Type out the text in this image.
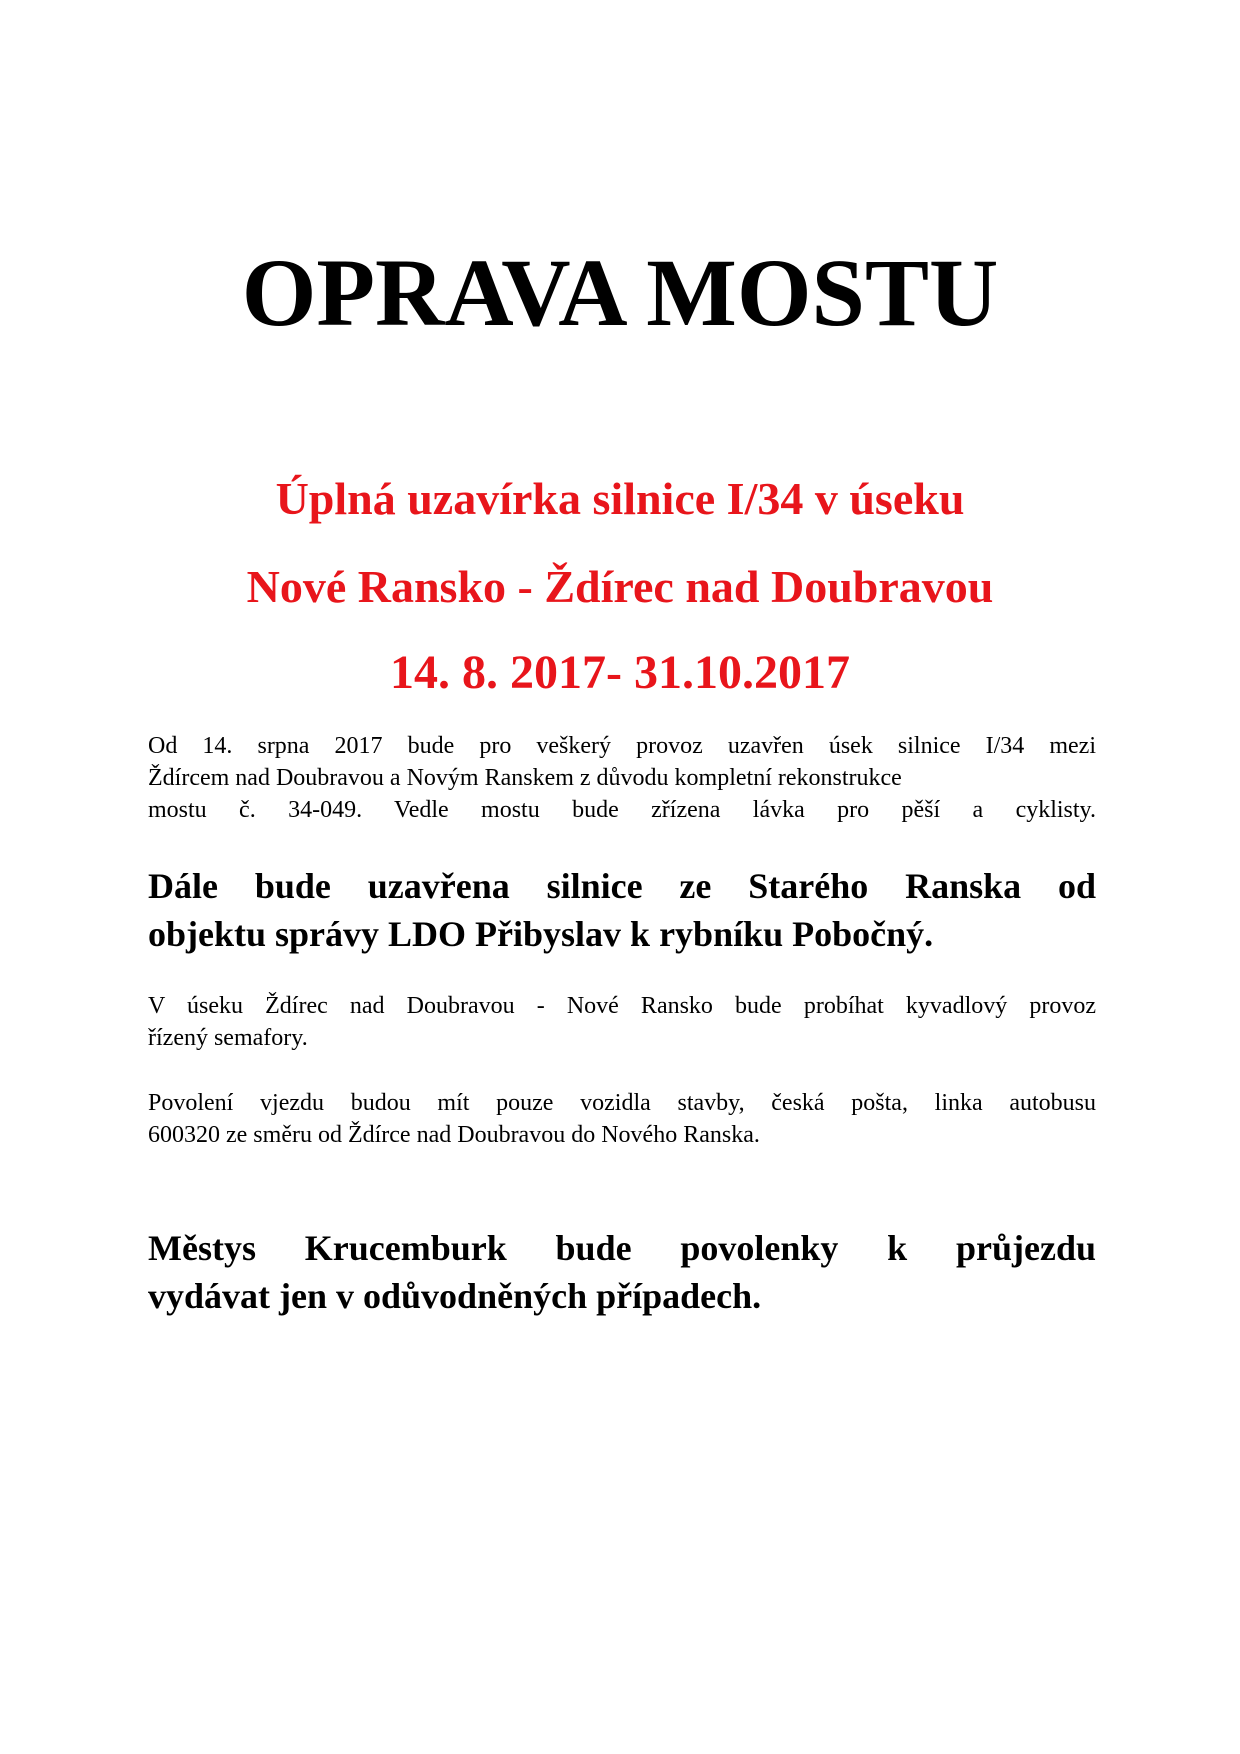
OPRAVA MOSTU

Úplná uzavírka silnice I/34 v úseku

Nové Ransko - Ždírec nad Doubravou

14. 8. 2017- 31.10.2017

Od 14. srpna 2017 bude pro veškerý provoz uzavřen úsek silnice I/34 mezi
Ždírcem nad Doubravou a Novým Ranskem z důvodu kompletní rekonstrukce
mostu č. 34-049. Vedle mostu bude zřízena lávka pro pěší a cyklisty.

Dále bude uzavřena silnice ze Starého Ranska od
objektu správy LDO Přibyslav k rybníku Pobočný.

V úseku Ždírec nad Doubravou - Nové Ransko bude probíhat kyvadlový provoz
řízený semafory.

Povolení vjezdu budou mít pouze vozidla stavby, česká pošta, linka autobusu
600320 ze směru od Ždírce nad Doubravou do Nového Ranska.

Městys Krucemburk bude povolenky k průjezdu
vydávat jen v odůvodněných případech.
